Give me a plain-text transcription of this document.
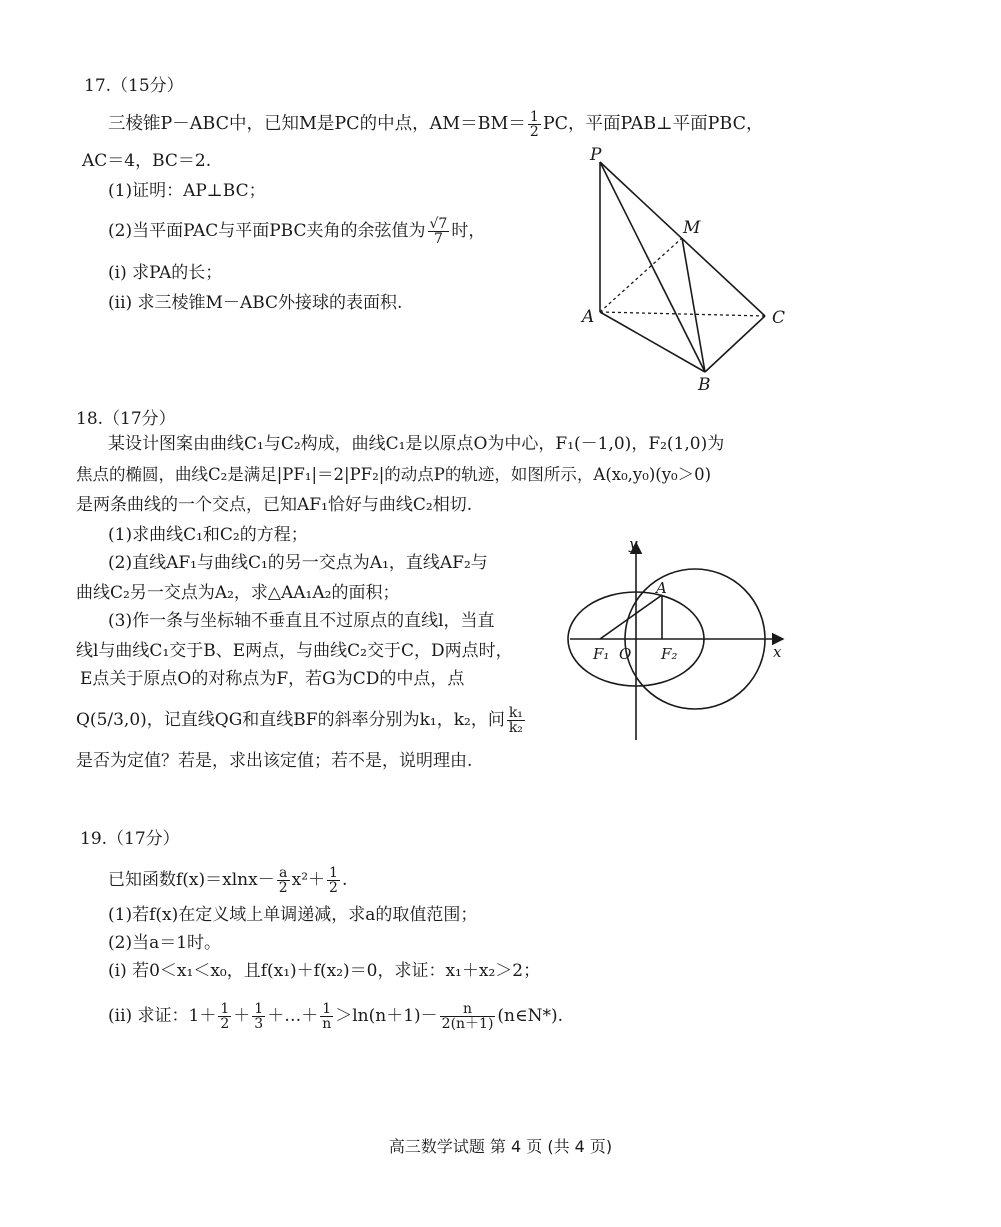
17.（15分）
三棱锥P－ABC中，已知M是PC的中点，$AM=BM= \frac{1}{2}$ PC，平面PAB⊥平面PBC，
AC＝4，BC＝2.
(1)证明：AP⊥BC；
(2)当平面PAC与平面PBC夹角的余弦值为 $\frac{√7}{7}$ 时，
(i) 求PA的长；
(ii) 求三棱锥M－ABC外接球的表面积.
P
M
A	C
B
18.（17分）
某设计图案由曲线C₁与C₂构成，曲线C₁是以原点O为中心，F₁(－1,0)，F₂(1,0)为
焦点的椭圆，曲线C₂是满足|PF₁|＝2|PF₂|的动点P的轨迹，如图所示，A(x₀,y₀)(y₀＞0)
是两条曲线的一个交点，已知AF₁恰好与曲线C₂相切.
(1)求曲线C₁和C₂的方程；
(2)直线AF₁与曲线C₁的另一交点为A₁，直线AF₂与
曲线C₂另一交点为A₂，求△AA₁A₂的面积；
(3)作一条与坐标轴不垂直且不过原点的直线l，当直
线l与曲线C₁交于B、E两点，与曲线C₂交于C，D两点时，
E点关于原点O的对称点为F，若G为CD的中点，点
Q(5/3,0)，记直线QG和直线BF的斜率分别为k₁，k₂，问 $\frac{\text{k₁}}{\text{k₂}}$
是否为定值？若是，求出该定值；若不是，说明理由.
y
x
A
F₁ O F₂
19.（17分）
已知函数$f(x)=xlnx- \frac{a}{2} x^2+ \frac{1}{2}$ .
(1)若f(x)在定义域上单调递减，求a的取值范围；
(2)当a＝1时。
(i) 若0＜x₁＜x₀，且f(x₁)＋f(x₂)＝0，求证：x₁＋x₂＞2；
(ii) 求证：$1+ \frac{1}{2} + \frac{1}{3}$ ＋…＋ $\frac{1}{n} >\ln(n+1)- \frac{n}{2(n+1)}$ (n∈N*).
高三数学试题 第 4 页 (共 4 页)
